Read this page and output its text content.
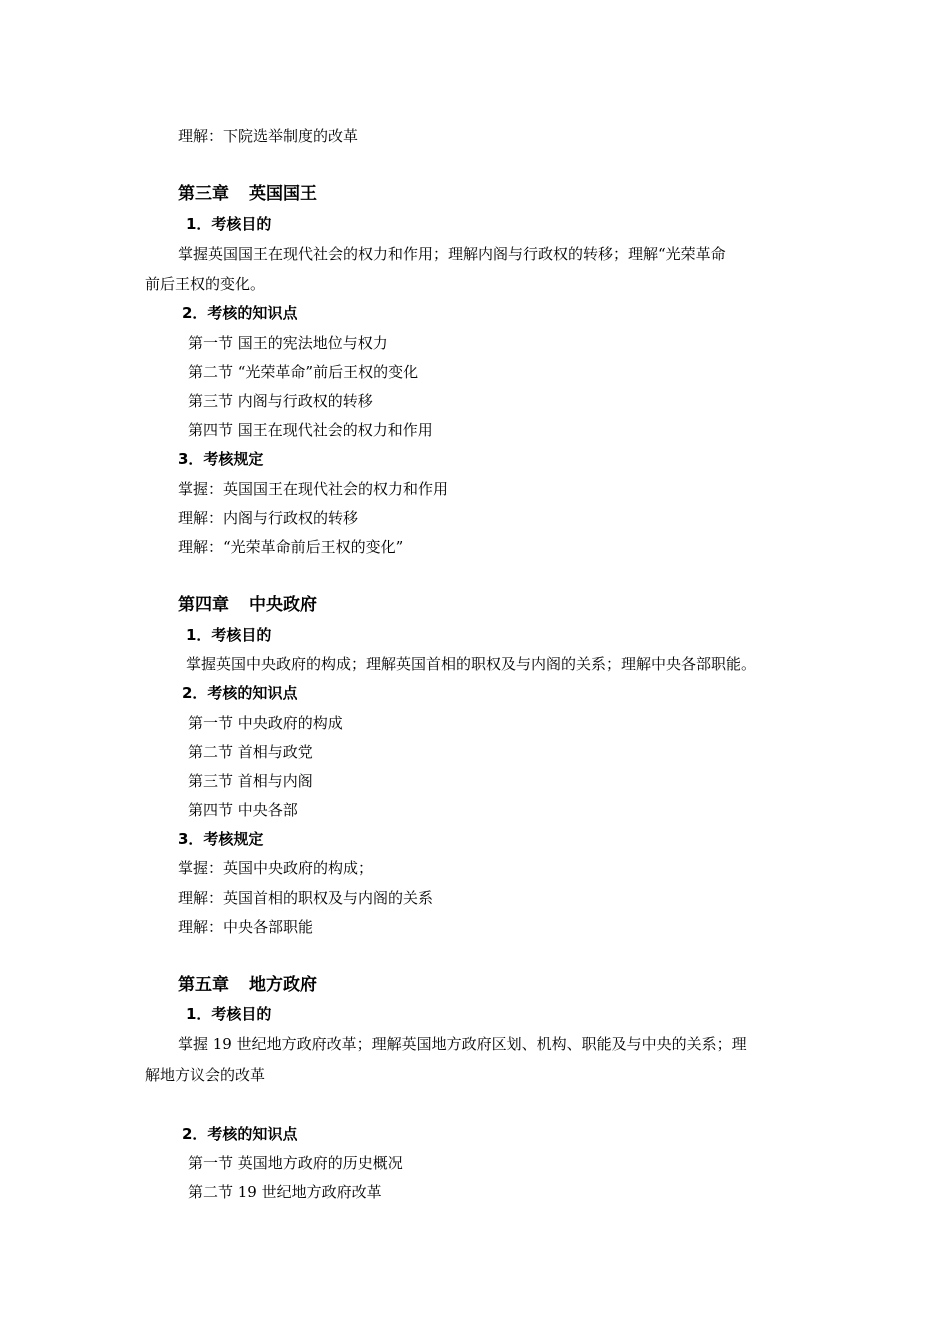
理解：下院选举制度的改革
第三章 英国国王
1．考核目的
掌握英国国王在现代社会的权力和作用；理解内阁与行政权的转移；理解“光荣革命
前后王权的变化。
2．考核的知识点
第一节 国王的宪法地位与权力
第二节 “光荣革命”前后王权的变化
第三节 内阁与行政权的转移
第四节 国王在现代社会的权力和作用
3．考核规定
掌握：英国国王在现代社会的权力和作用
理解：内阁与行政权的转移
理解：“光荣革命前后王权的变化”
第四章 中央政府
1．考核目的
掌握英国中央政府的构成；理解英国首相的职权及与内阁的关系；理解中央各部职能。
2．考核的知识点
第一节 中央政府的构成
第二节 首相与政党
第三节 首相与内阁
第四节 中央各部
3．考核规定
掌握：英国中央政府的构成；
理解：英国首相的职权及与内阁的关系
理解：中央各部职能
第五章 地方政府
1．考核目的
掌握 19 世纪地方政府改革；理解英国地方政府区划、机构、职能及与中央的关系；理
解地方议会的改革
2．考核的知识点
第一节 英国地方政府的历史概况
第二节 19 世纪地方政府改革
